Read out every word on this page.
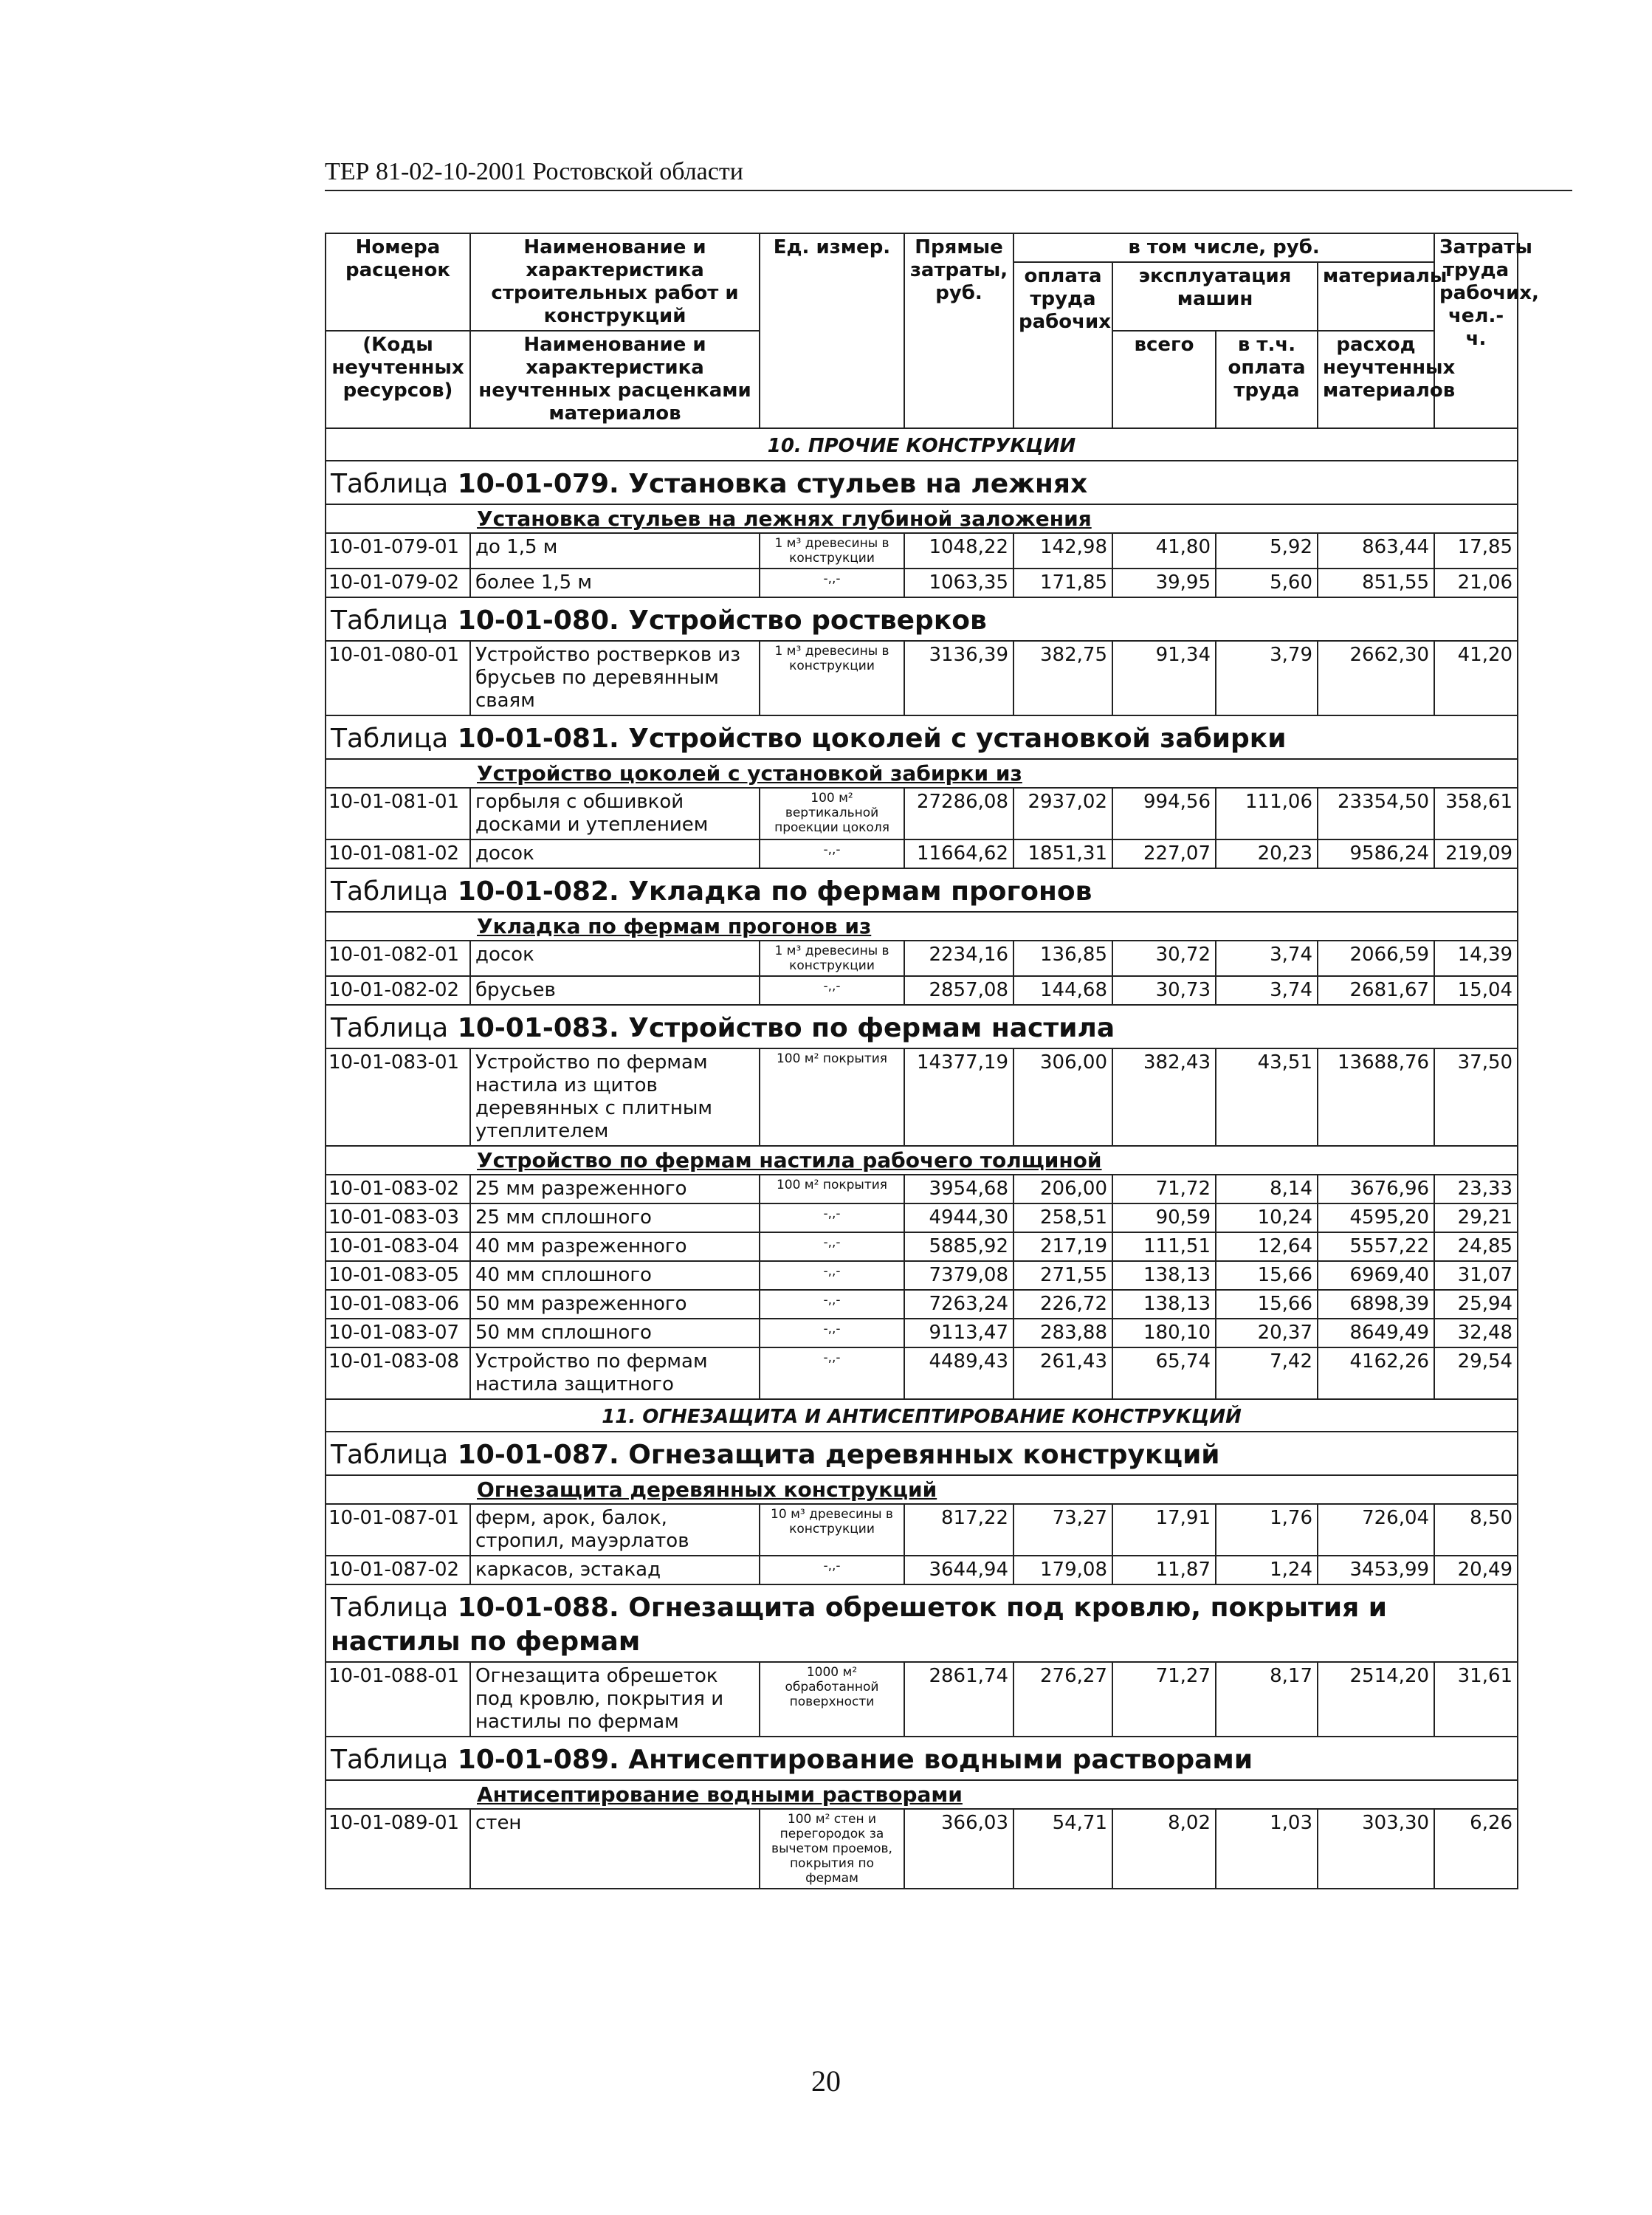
ТЕР 81-02-10-2001 Ростовской области
Номера расценок	Наименование и характеристика строительных работ и конструкций	Ед. измер.	Прямые затраты, руб.	в том числе, руб.				Затраты труда рабочих, чел.-ч.
				оплата труда рабочих	эксплуатация машин		материалы	
(Коды неучтенных ресурсов)	Наименование и характеристика неучтенных расценками материалов				всего	в т.ч. оплата труда	расход неучтенных материалов	

10. ПРОЧИЕ КОНСТРУКЦИИ								
Таблица 10-01-079. Установка стульев на лежнях								
Установка стульев на лежнях глубиной заложения								
10-01-079-01	до 1,5 м	1 м³ древесины в конструкции	1048,22	142,98	41,80	5,92	863,44	17,85
10-01-079-02	более 1,5 м	-,,-	1063,35	171,85	39,95	5,60	851,55	21,06
Таблица 10-01-080. Устройство ростверков								
10-01-080-01	Устройство ростверков из брусьев по деревянным сваям	1 м³ древесины в конструкции	3136,39	382,75	91,34	3,79	2662,30	41,20
Таблица 10-01-081. Устройство цоколей с установкой забирки								
Устройство цоколей с установкой забирки из								
10-01-081-01	горбыля с обшивкой досками и утеплением	100 м² вертикальной проекции цоколя	27286,08	2937,02	994,56	111,06	23354,50	358,61
10-01-081-02	досок	-,,-	11664,62	1851,31	227,07	20,23	9586,24	219,09
Таблица 10-01-082. Укладка по фермам прогонов								
Укладка по фермам прогонов из								
10-01-082-01	досок	1 м³ древесины в конструкции	2234,16	136,85	30,72	3,74	2066,59	14,39
10-01-082-02	брусьев	-,,-	2857,08	144,68	30,73	3,74	2681,67	15,04
Таблица 10-01-083. Устройство по фермам настила								
10-01-083-01	Устройство по фермам настила из щитов деревянных с плитным утеплителем	100 м² покрытия	14377,19	306,00	382,43	43,51	13688,76	37,50
Устройство по фермам настила рабочего толщиной								
10-01-083-02	25 мм разреженного	100 м² покрытия	3954,68	206,00	71,72	8,14	3676,96	23,33
10-01-083-03	25 мм сплошного	-,,-	4944,30	258,51	90,59	10,24	4595,20	29,21
10-01-083-04	40 мм разреженного	-,,-	5885,92	217,19	111,51	12,64	5557,22	24,85
10-01-083-05	40 мм сплошного	-,,-	7379,08	271,55	138,13	15,66	6969,40	31,07
10-01-083-06	50 мм разреженного	-,,-	7263,24	226,72	138,13	15,66	6898,39	25,94
10-01-083-07	50 мм сплошного	-,,-	9113,47	283,88	180,10	20,37	8649,49	32,48
10-01-083-08	Устройство по фермам настила защитного	-,,-	4489,43	261,43	65,74	7,42	4162,26	29,54
11. ОГНЕЗАЩИТА И АНТИСЕПТИРОВАНИЕ КОНСТРУКЦИЙ								
Таблица 10-01-087. Огнезащита деревянных конструкций								
Огнезащита деревянных конструкций								
10-01-087-01	ферм, арок, балок, стропил, мауэрлатов	10 м³ древесины в конструкции	817,22	73,27	17,91	1,76	726,04	8,50
10-01-087-02	каркасов, эстакад	-,,-	3644,94	179,08	11,87	1,24	3453,99	20,49
Таблица 10-01-088. Огнезащита обрешеток под кровлю, покрытия и настилы по фермам								
10-01-088-01	Огнезащита обрешеток под кровлю, покрытия и настилы по фермам	1000 м² обработанной поверхности	2861,74	276,27	71,27	8,17	2514,20	31,61
Таблица 10-01-089. Антисептирование водными растворами								
Антисептирование водными растворами								
10-01-089-01	стен	100 м² стен и перегородок за вычетом проемов, покрытия по фермам	366,03	54,71	8,02	1,03	303,30	6,26
20
